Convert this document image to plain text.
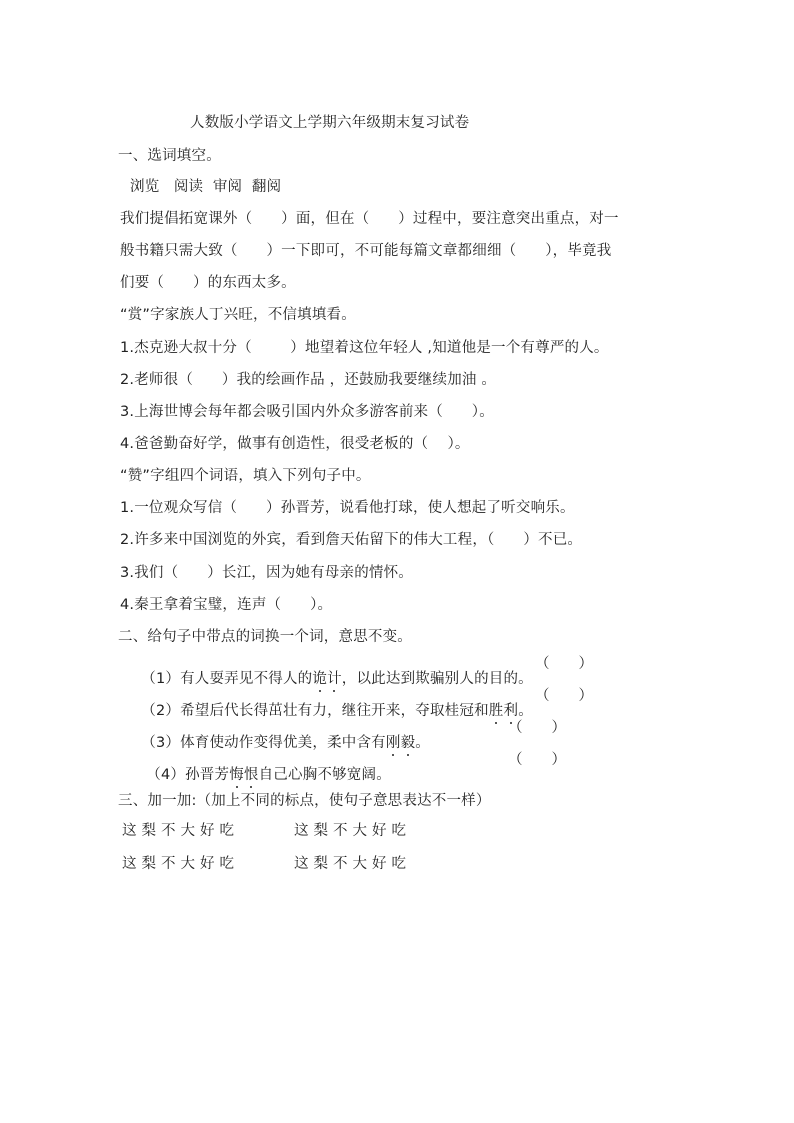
人数版小学语文上学期六年级期末复习试卷
一、选词填空。
浏览   阅读  审阅  翻阅
我们提倡拓宽课外（      ）面，但在（      ）过程中，要注意突出重点，对一
般书籍只需大致（      ）一下即可，不可能每篇文章都细细（      ），毕竟我
们要（      ）的东西太多。
“赏”字家族人丁兴旺，不信填填看。
1.杰克逊大叔十分（        ）地望着这位年轻人 ,知道他是一个有尊严的人。
2.老师很（      ）我的绘画作品 ，还鼓励我要继续加油 。
3.上海世博会每年都会吸引国内外众多游客前来（      ）。
4.爸爸勤奋好学，做事有创造性，很受老板的（    ）。
“赞”字组四个词语，填入下列句子中。
1.一位观众写信（      ）孙晋芳，说看他打球，使人想起了听交响乐。
2.许多来中国浏览的外宾，看到詹天佑留下的伟大工程，（      ）不已。
3.我们（      ）长江，因为她有母亲的情怀。
4.秦王拿着宝璧，连声（      ）。
二、给句子中带点的词换一个词，意思不变。

（1）有人耍弄见不得人的诡计
，以此达到欺骗别人的目的。

（      ）

（2）希望后代长得茁壮有力，继往开来，夺取桂冠和胜利
。

（      ）

（3）体育使动作变得优美，柔中含有刚毅
。

（      ）

（4）孙晋芳悔恨
自己心胸不够宽阔。

（      ）
三、加一加:（加上不同的标点，使句子意思表达不一样）
这 梨 不 大 好 吃	这 梨 不 大 好 吃
这 梨 不 大 好 吃	这 梨 不 大 好 吃
